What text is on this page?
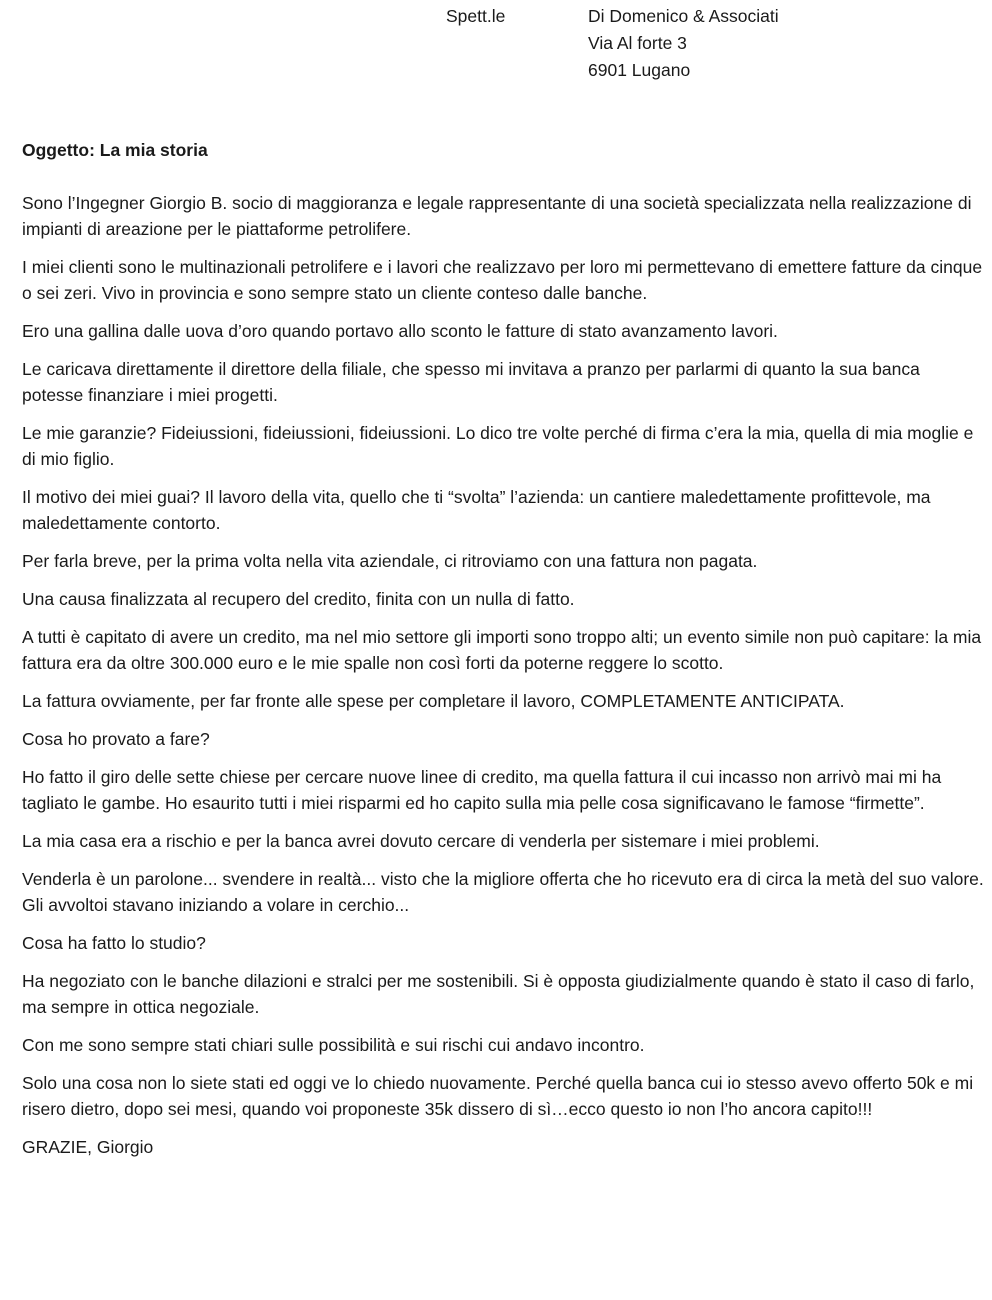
Spett.le	Di Domenico & Associati
Via Al forte 3
6901 Lugano
Oggetto: La mia storia

Sono l’Ingegner Giorgio B. socio di maggioranza e legale rappresentante di una società specializzata nella realizzazione di impianti di areazione per le piattaforme petrolifere.

I miei clienti sono le multinazionali petrolifere e i lavori che realizzavo per loro mi permettevano di emettere fatture da cinque o sei zeri. Vivo in provincia e sono sempre stato un cliente conteso dalle banche.

Ero una gallina dalle uova d’oro quando portavo allo sconto le fatture di stato avanzamento lavori.

Le caricava direttamente il direttore della filiale, che spesso mi invitava a pranzo per parlarmi di quanto la sua banca potesse finanziare i miei progetti.

Le mie garanzie? Fideiussioni, fideiussioni, fideiussioni. Lo dico tre volte perché di firma c’era la mia, quella di mia moglie e di mio figlio.

Il motivo dei miei guai? Il lavoro della vita, quello che ti “svolta” l’azienda: un cantiere maledettamente profittevole, ma maledettamente contorto.

Per farla breve, per la prima volta nella vita aziendale, ci ritroviamo con una fattura non pagata.

Una causa finalizzata al recupero del credito, finita con un nulla di fatto.

A tutti è capitato di avere un credito, ma nel mio settore gli importi sono troppo alti; un evento simile non può capitare: la mia fattura era da oltre 300.000 euro e le mie spalle non così forti da poterne reggere lo scotto.

La fattura ovviamente, per far fronte alle spese per completare il lavoro, COMPLETAMENTE ANTICIPATA.

Cosa ho provato a fare?

Ho fatto il giro delle sette chiese per cercare nuove linee di credito, ma quella fattura il cui incasso non arrivò mai mi ha tagliato le gambe. Ho esaurito tutti i miei risparmi ed ho capito sulla mia pelle cosa significavano le famose “firmette”.

La mia casa era a rischio e per la banca avrei dovuto cercare di venderla per sistemare i miei problemi.

Venderla è un parolone... svendere in realtà... visto che la migliore offerta che ho ricevuto era di circa la metà del suo valore. Gli avvoltoi stavano iniziando a volare in cerchio...

Cosa ha fatto lo studio?

Ha negoziato con le banche dilazioni e stralci per me sostenibili. Si è opposta giudizialmente quando è stato il caso di farlo, ma sempre in ottica negoziale.

Con me sono sempre stati chiari sulle possibilità e sui rischi cui andavo incontro.

Solo una cosa non lo siete stati ed oggi ve lo chiedo nuovamente. Perché quella banca cui io stesso avevo offerto 50k e mi risero dietro, dopo sei mesi, quando voi proponeste 35k dissero di sì…ecco questo io non l’ho ancora capito!!!

GRAZIE, Giorgio
